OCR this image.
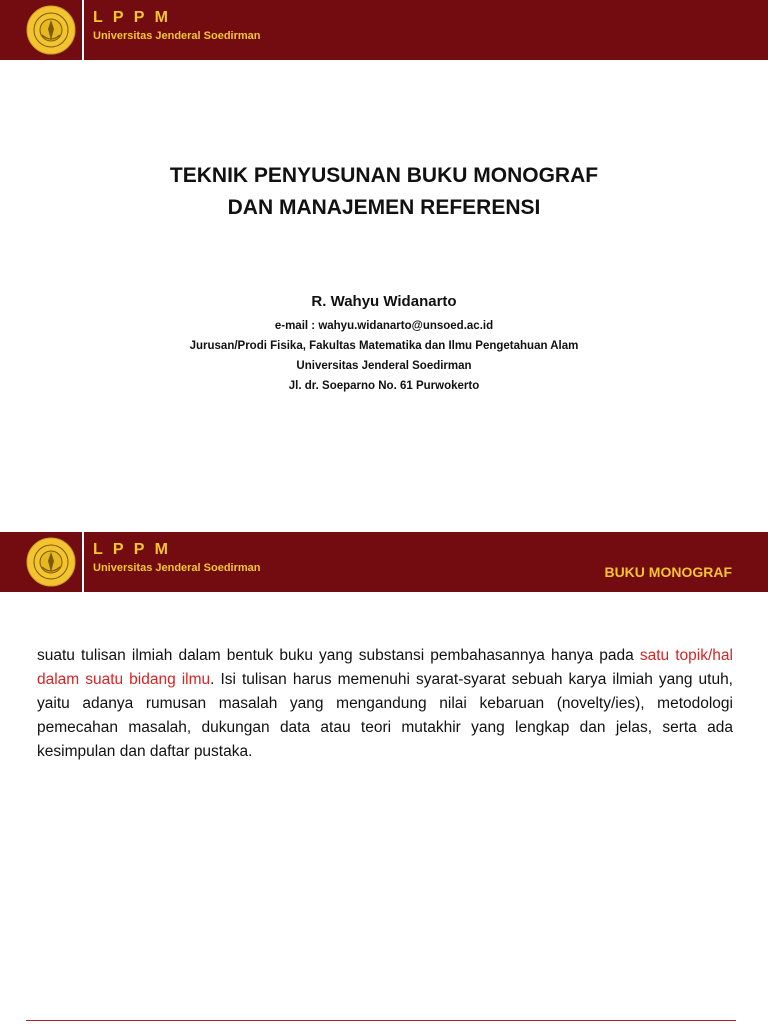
L P P M
Universitas Jenderal Soedirman
TEKNIK PENYUSUNAN BUKU MONOGRAF
DAN MANAJEMEN REFERENSI
R. Wahyu Widanarto
e-mail : wahyu.widanarto@unsoed.ac.id
Jurusan/Prodi Fisika, Fakultas Matematika dan Ilmu Pengetahuan Alam
Universitas Jenderal Soedirman
Jl. dr. Soeparno No. 61 Purwokerto
L P P M
Universitas Jenderal Soedirman	BUKU MONOGRAF
suatu tulisan ilmiah dalam bentuk buku yang substansi pembahasannya hanya pada satu topik/hal dalam suatu bidang ilmu. Isi tulisan harus memenuhi syarat-syarat sebuah karya ilmiah yang utuh, yaitu adanya rumusan masalah yang mengandung nilai kebaruan (novelty/ies), metodologi pemecahan masalah, dukungan data atau teori mutakhir yang lengkap dan jelas, serta ada kesimpulan dan daftar pustaka.
